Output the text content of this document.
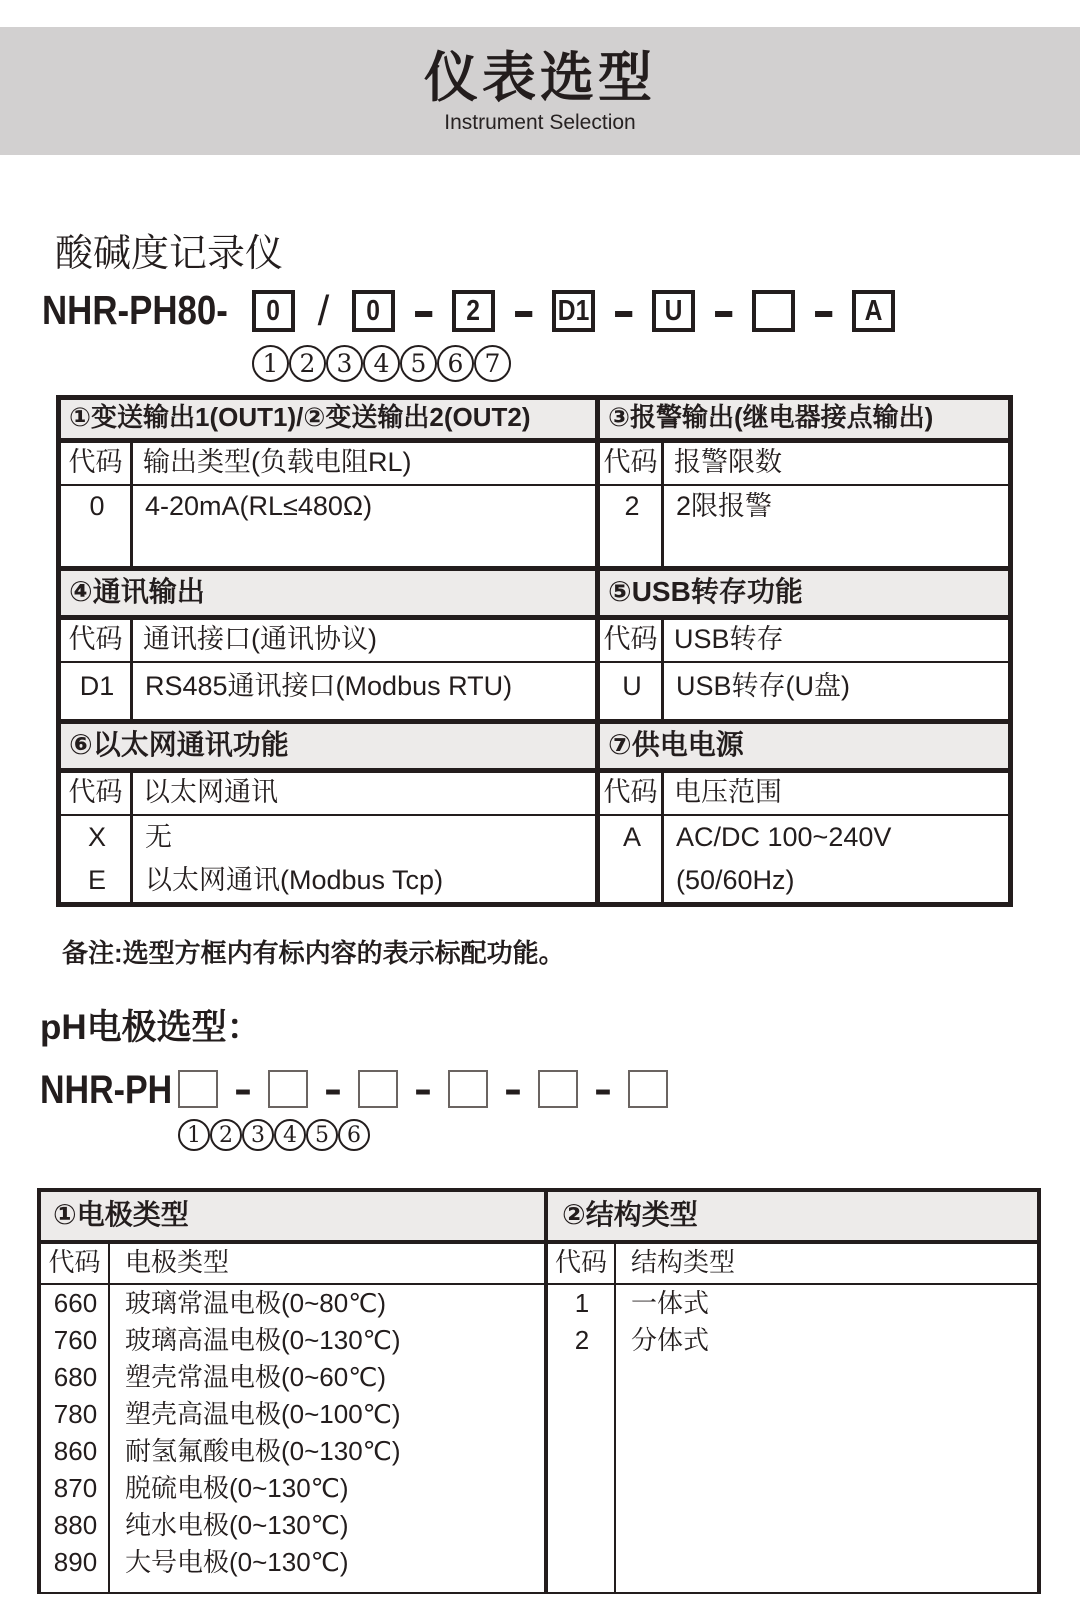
仪表选型
Instrument Selection
酸碱度记录仪
NHR-PH80-	0 / 0 - 2 - D1 - U - - A
1 2 3 4 5 6 7
①变送输出1(OUT1)/②变送输出2(OUT2)	③报警输出(继电器接点输出)
代码 输出类型(负载电阻RL)
0	4-20mA(RL≤480Ω)
代码 报警限数
2	2限报警
④通讯输出	⑤USB转存功能
代码 通讯接口(通讯协议)
D1	RS485通讯接口(Modbus RTU)
代码 USB转存
U	USB转存(U盘)
⑥以太网通讯功能	⑦供电电源
代码 以太网通讯
X	无
E	以太网通讯(Modbus Tcp)
代码 电压范围
A	AC/DC 100~240V
(50/60Hz)
备注:选型方框内有标内容的表示标配功能。
pH电极选型：
NHR-PH	- - - - -
1 2 3 4 5 6
①电极类型	②结构类型
代码 电极类型
660	玻璃常温电极(0~80℃)
760	玻璃高温电极(0~130℃)
680	塑壳常温电极(0~60℃)
780	塑壳高温电极(0~100℃)
860	耐氢氟酸电极(0~130℃)
870	脱硫电极(0~130℃)
880	纯水电极(0~130℃)
890	大号电极(0~130℃)
代码 结构类型
1	一体式
2	分体式
